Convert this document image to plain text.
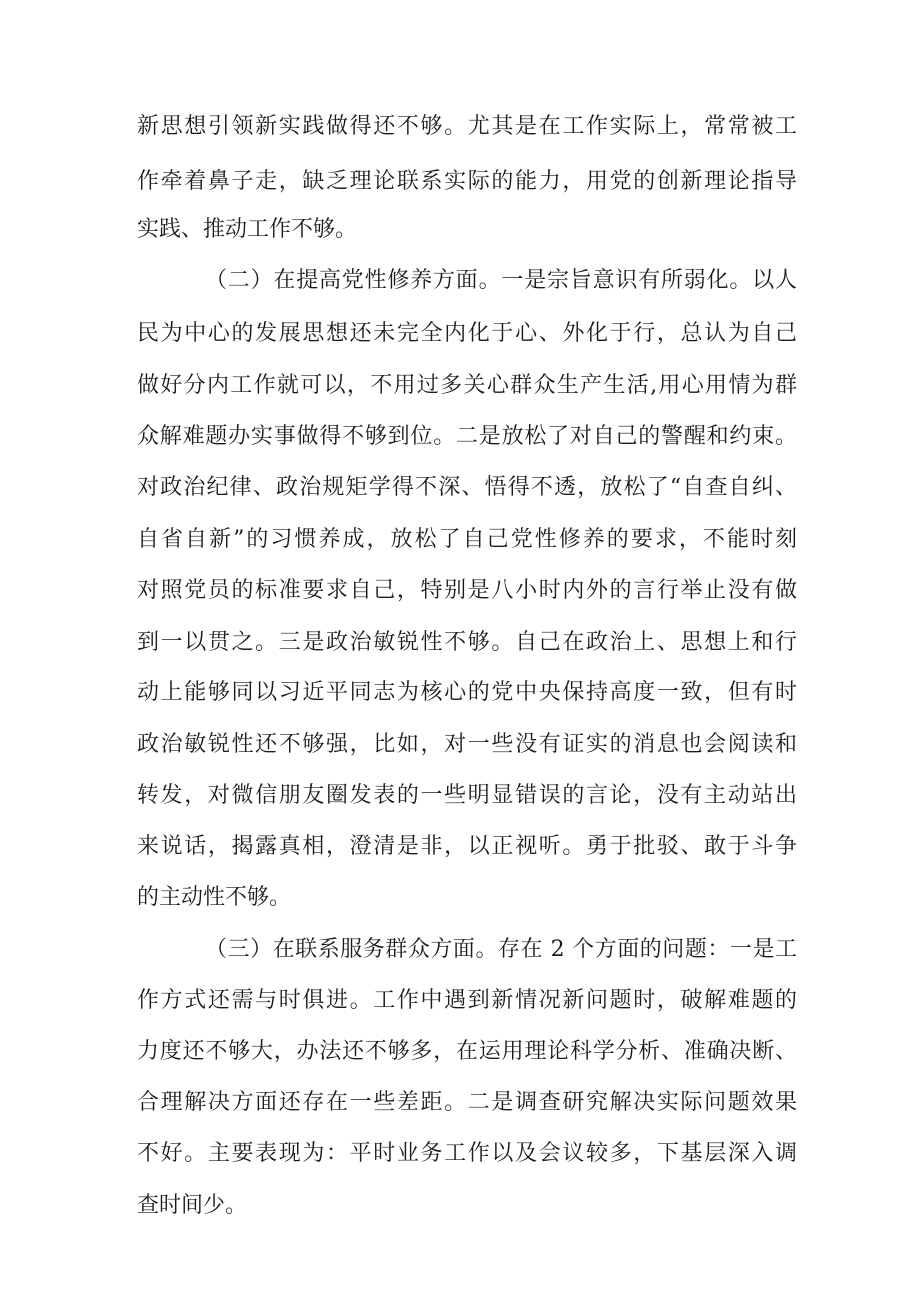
新思想引领新实践做得还不够。尤其是在工作实际上，常常被工
作牵着鼻子走，缺乏理论联系实际的能力，用党的创新理论指导
实践、推动工作不够。
（二）在提高党性修养方面。一是宗旨意识有所弱化。以人
民为中心的发展思想还未完全内化于心、外化于行，总认为自己
做好分内工作就可以，不用过多关心群众生产生活,用心用情为群
众解难题办实事做得不够到位。二是放松了对自己的警醒和约束。
对政治纪律、政治规矩学得不深、悟得不透，放松了“自查自纠、
自省自新”的习惯养成，放松了自己党性修养的要求，不能时刻
对照党员的标准要求自己，特别是八小时内外的言行举止没有做
到一以贯之。三是政治敏锐性不够。自己在政治上、思想上和行
动上能够同以习近平同志为核心的党中央保持高度一致，但有时
政治敏锐性还不够强，比如，对一些没有证实的消息也会阅读和
转发，对微信朋友圈发表的一些明显错误的言论，没有主动站出
来说话，揭露真相，澄清是非，以正视听。勇于批驳、敢于斗争
的主动性不够。
（三）在联系服务群众方面。存在 2 个方面的问题：一是工
作方式还需与时俱进。工作中遇到新情况新问题时，破解难题的
力度还不够大，办法还不够多，在运用理论科学分析、准确决断、
合理解决方面还存在一些差距。二是调查研究解决实际问题效果
不好。主要表现为：平时业务工作以及会议较多，下基层深入调
查时间少。
